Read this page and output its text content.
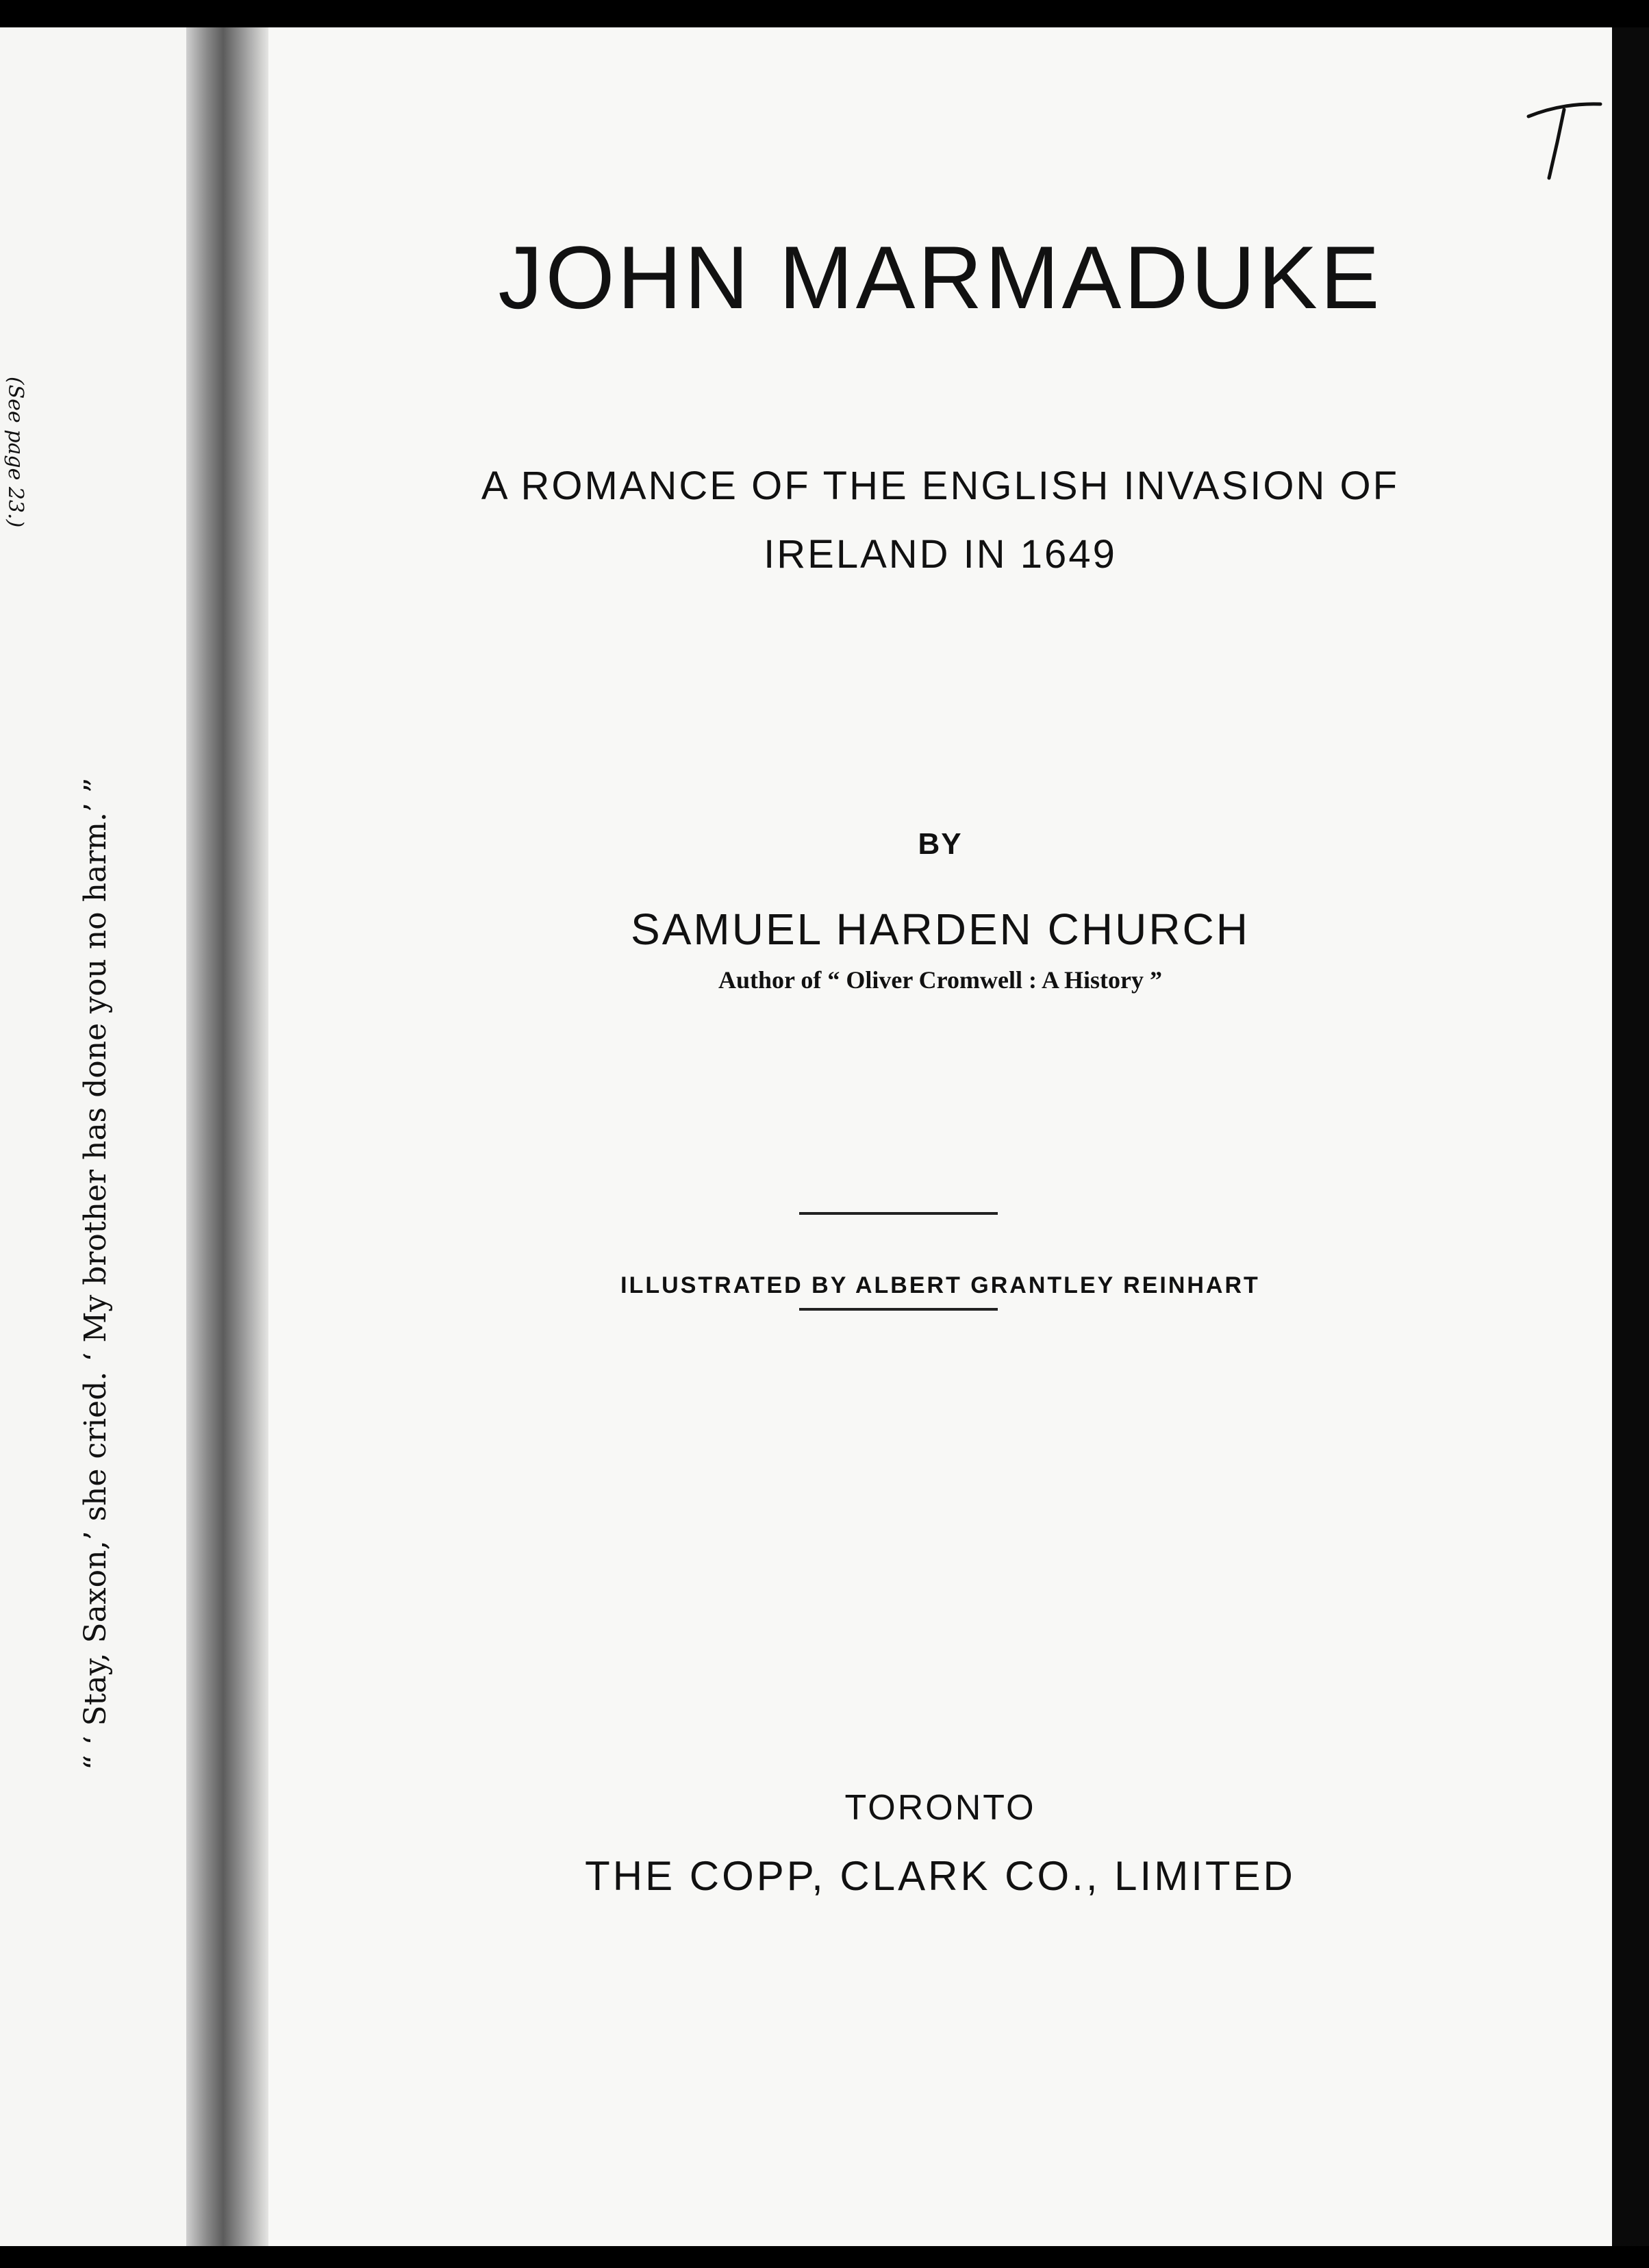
“ ‘ Stay, Saxon,’ she cried. ‘ My brother has done you no harm.’ ”
(See page 23.)
JOHN MARMADUKE
A ROMANCE OF THE ENGLISH INVASION OF
IRELAND IN 1649
BY
SAMUEL HARDEN CHURCH
Author of “ Oliver Cromwell : A History ”
ILLUSTRATED BY ALBERT GRANTLEY REINHART
TORONTO
THE COPP, CLARK CO., LIMITED
